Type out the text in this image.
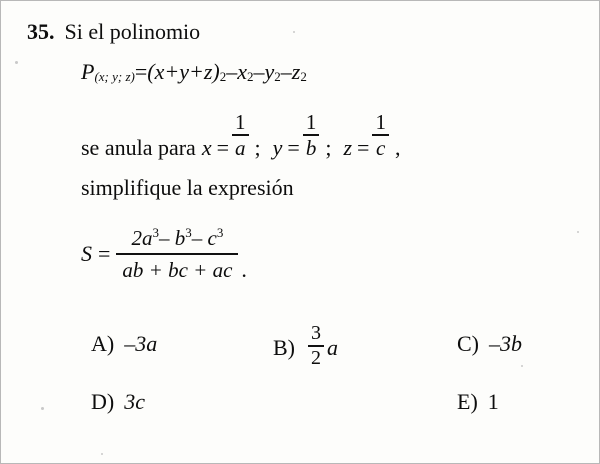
35. Si el polinomio
P (x; y; z) = (x+y+z) 2 –x 2 –y 2 –z 2
se anula para $x = \frac{1}{a}$ ; $y = \frac{1}{b}$ ; $z = \frac{1}{c}$ ,
simplifique la expresión
$S = \frac{2a^3- b^3- c^3}{ab + bc + ac}$ .
A) –3a	$B) \frac{3}{2}$ a	C) –3b
D) 3c	E) 1
